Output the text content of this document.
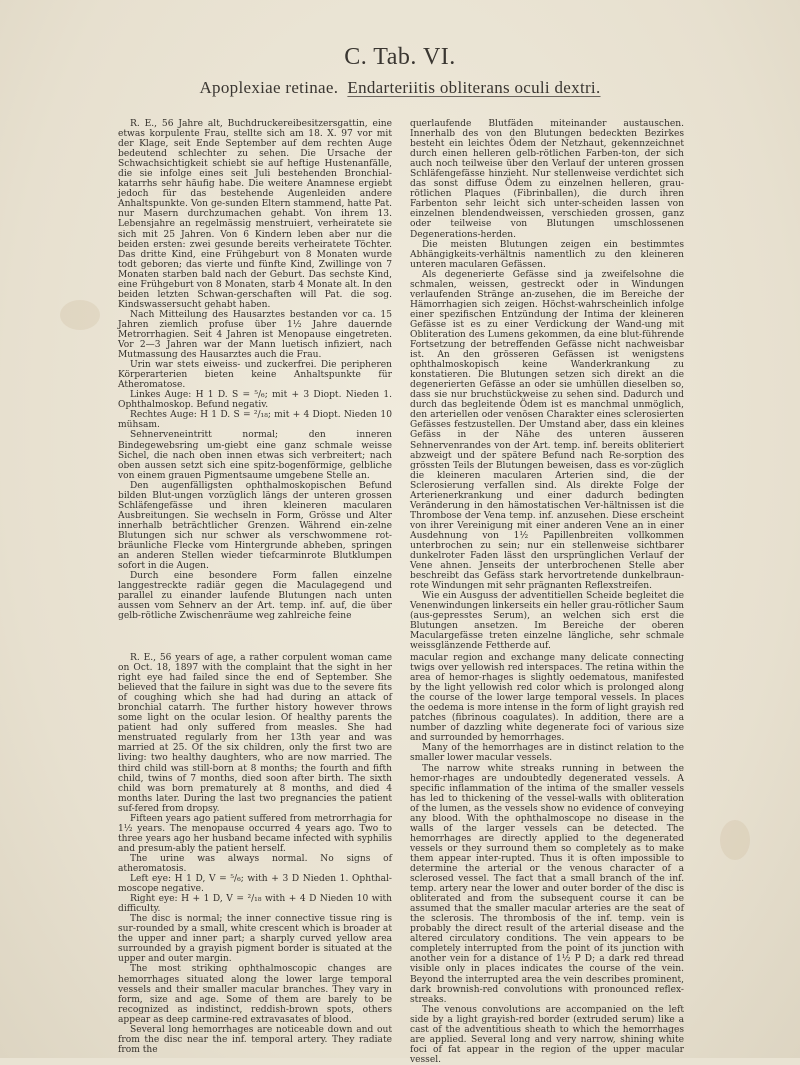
C. Tab. VI.
Apoplexiae retinae. Endarteriitis obliterans oculi dextri.

R. E., 56 Jahre alt, Buchdruckereibesitzersgattin, eine etwas korpulente Frau, stellte sich am 18. X. 97 vor mit der Klage, seit Ende September auf dem rechten Auge bedeutend schlechter zu sehen. Die Ursache der Schwachsichtigkeit schiebt sie auf heftige Hustenanfälle, die sie infolge eines seit Juli bestehenden Bronchial-katarrhs sehr häufig habe. Die weitere Anamnese ergiebt jedoch für das bestehende Augenleiden andere Anhaltspunkte. Von ge-sunden Eltern stammend, hatte Pat. nur Masern durchzumachen gehabt. Von ihrem 13. Lebensjahre an regelmässig menstruiert, verheiratete sie sich mit 25 Jahren. Von 6 Kindern leben aber nur die beiden ersten: zwei gesunde bereits verheiratete Töchter. Das dritte Kind, eine Frühgeburt von 8 Monaten wurde todt geboren; das vierte und fünfte Kind, Zwillinge von 7 Monaten starben bald nach der Geburt. Das sechste Kind, eine Frühgeburt von 8 Monaten, starb 4 Monate alt. In den beiden letzten Schwan-gerschaften will Pat. die sog. Kindswassersucht gehabt haben.

Nach Mitteilung des Hausarztes bestanden vor ca. 15 Jahren ziemlich profuse über 1½ Jahre dauernde Metrorrhagien. Seit 4 Jahren ist Menopause eingetreten. Vor 2—3 Jahren war der Mann luetisch infiziert, nach Mutmassung des Hausarztes auch die Frau.

Urin war stets eiweiss- und zuckerfrei. Die peripheren Körperarterien bieten keine Anhaltspunkte für Atheromatose.

Linkes Auge: H 1 D. S = ⁵/₆; mit + 3 Diopt. Nieden 1. Ophthalmoskop. Befund negativ.

Rechtes Auge: H 1 D. S = ²/₁₈; mit + 4 Diopt. Nieden 10 mühsam.

Sehnerveneintritt normal; den inneren Bindegewebsring um-giebt eine ganz schmale weisse Sichel, die nach oben innen etwas sich verbreitert; nach oben aussen setzt sich eine spitz-bogenförmige, gelbliche von einem grauen Pigmentsaume umgebene Stelle an.

Den augenfälligsten ophthalmoskopischen Befund bilden Blut-ungen vorzüglich längs der unteren grossen Schläfengefässe und ihren kleineren macularen Ausbreitungen. Sie wechseln in Form, Grösse und Alter innerhalb beträchtlicher Grenzen. Während ein-zelne Blutungen sich nur schwer als verschwommene rot-bräunliche Flecke vom Hintergrunde abheben, springen an anderen Stellen wieder tiefcarminrote Blutklumpen sofort in die Augen.

Durch eine besondere Form fallen einzelne langgestreckte radiär gegen die Maculagegend und parallel zu einander laufende Blutungen nach unten aussen vom Sehnerv an der Art. temp. inf. auf, die über gelb-rötliche Zwischenräume weg zahlreiche feine

querlaufende Blutfäden miteinander austauschen. Innerhalb des von den Blutungen bedeckten Bezirkes besteht ein leichtes Ödem der Netzhaut, gekennzeichnet durch einen helleren gelb-rötlichen Farben-ton, der sich auch noch teilweise über den Verlauf der unteren grossen Schläfengefässe hinzieht. Nur stellenweise verdichtet sich das sonst diffuse Ödem zu einzelnen helleren, grau-rötlichen Plaques (Fibrinballen), die durch ihren Farbenton sehr leicht sich unter-scheiden lassen von einzelnen blendendweissen, verschieden grossen, ganz oder teilweise von Blutungen umschlossenen Degenerations-herden.

Die meisten Blutungen zeigen ein bestimmtes Abhängigkeits-verhältnis namentlich zu den kleineren unteren macularen Gefässen.

Als degenerierte Gefässe sind ja zweifelsohne die schmalen, weissen, gestreckt oder in Windungen verlaufenden Stränge an-zusehen, die im Bereiche der Hämorrhagien sich zeigen. Höchst-wahrscheinlich infolge einer spezifischen Entzündung der Intima der kleineren Gefässe ist es zu einer Verdickung der Wand-ung mit Obliteration des Lumens gekommen, da eine blut-führende Fortsetzung der betreffenden Gefässe nicht nachweisbar ist. An den grösseren Gefässen ist wenigstens ophthalmoskopisch keine Wanderkrankung zu konstatieren. Die Blutungen setzen sich direkt an die degenerierten Gefässe an oder sie umhüllen dieselben so, dass sie nur bruchstückweise zu sehen sind. Dadurch und durch das begleitende Ödem ist es manchmal unmöglich, den arteriellen oder venösen Charakter eines sclerosierten Gefässes festzustellen. Der Umstand aber, dass ein kleines Gefäss in der Nähe des unteren äusseren Sehnervenrandes von der Art. temp. inf. bereits obliteriert abzweigt und der spätere Befund nach Re-sorption des grössten Teils der Blutungen beweisen, dass es vor-züglich die kleineren macularen Arterien sind, die der Sclerosierung verfallen sind. Als direkte Folge der Arterienerkrankung und einer dadurch bedingten Veränderung in den hämostatischen Ver-hältnissen ist die Thrombose der Vena temp. inf. anzusehen. Diese erscheint von ihrer Vereinigung mit einer anderen Vene an in einer Ausdehnung von 1½ Papillenbreiten vollkommen unterbrochen zu sein; nur ein stellenweise sichtbarer dunkelroter Faden lässt den ursprünglichen Verlauf der Vene ahnen. Jenseits der unterbrochenen Stelle aber beschreibt das Gefäss stark hervortretende dunkelbraun-rote Windungen mit sehr prägnanten Reflexstreifen.

Wie ein Ausguss der adventitiellen Scheide begleitet die Venenwindungen linkerseits ein heller grau-rötlicher Saum (aus-gepresstes Serum), an welchen sich erst die Blutungen ansetzen. Im Bereiche der oberen Maculargefässe treten einzelne längliche, sehr schmale weissglänzende Fettherde auf.

R. E., 56 years of age, a rather corpulent woman came on Oct. 18, 1897 with the complaint that the sight in her right eye had failed since the end of September. She believed that the failure in sight was due to the severe fits of coughing which she had had during an attack of bronchial catarrh. The further history however throws some light on the ocular lesion. Of healthy parents the patient had only suffered from measles. She had menstruated regularly from her 13th year and was married at 25. Of the six children, only the first two are living: two healthy daughters, who are now married. The third child was still-born at 8 months; the fourth and fifth child, twins of 7 months, died soon after birth. The sixth child was born prematurely at 8 months, and died 4 months later. During the last two pregnancies the patient suf-fered from dropsy.

Fifteen years ago patient suffered from metrorrhagia for 1½ years. The menopause occurred 4 years ago. Two to three years ago her husband became infected with syphilis and presum-ably the patient herself.

The urine was always normal. No signs of atheromatosis.

Left eye: H 1 D, V = ⁵/₆; with + 3 D Nieden 1. Ophthal-moscope negative.

Right eye: H + 1 D, V = ²/₁₈ with + 4 D Nieden 10 with difficulty.

The disc is normal; the inner connective tissue ring is sur-rounded by a small, white crescent which is broader at the upper and inner part; a sharply curved yellow area surrounded by a grayish pigment border is situated at the upper and outer margin.

The most striking ophthalmoscopic changes are hemorrhages situated along the lower large temporal vessels and their smaller macular branches. They vary in form, size and age. Some of them are barely to be recognized as indistinct, reddish-brown spots, others appear as deep carmine-red extravasates of blood.

Several long hemorrhages are noticeable down and out from the disc near the inf. temporal artery. They radiate from the

macular region and exchange many delicate connecting twigs over yellowish red interspaces. The retina within the area of hemor-rhages is slightly oedematous, manifested by the light yellowish red color which is prolonged along the course of the lower large temporal vessels. In places the oedema is more intense in the form of light grayish red patches (fibrinous coagulates). In addition, there are a number of dazzling white degenerate foci of various size and surrounded by hemorrhages.

Many of the hemorrhages are in distinct relation to the smaller lower macular vessels.

The narrow white streaks running in between the hemor-rhages are undoubtedly degenerated vessels. A specific inflammation of the intima of the smaller vessels has led to thickening of the vessel-walls with obliteration of the lumen, as the vessels show no evidence of conveying any blood. With the ophthalmoscope no disease in the walls of the larger vessels can be detected. The hemorrhages are directly applied to the degenerated vessels or they surround them so completely as to make them appear inter-rupted. Thus it is often impossible to determine the arterial or the venous character of a sclerosed vessel. The fact that a small branch of the inf. temp. artery near the lower and outer border of the disc is obliterated and from the subsequent course it can be assumed that the smaller macular arteries are the seat of the sclerosis. The thrombosis of the inf. temp. vein is probably the direct result of the arterial disease and the altered circulatory conditions. The vein appears to be completely interrupted from the point of its junction with another vein for a distance of 1½ P D; a dark red thread visible only in places indicates the course of the vein. Beyond the interrupted area the vein describes prominent, dark brownish-red convolutions with pronounced reflex-streaks.

The venous convolutions are accompanied on the left side by a light grayish-red border (extruded serum) like a cast of the adventitious sheath to which the hemorrhages are applied. Several long and very narrow, shining white foci of fat appear in the region of the upper macular vessel.
